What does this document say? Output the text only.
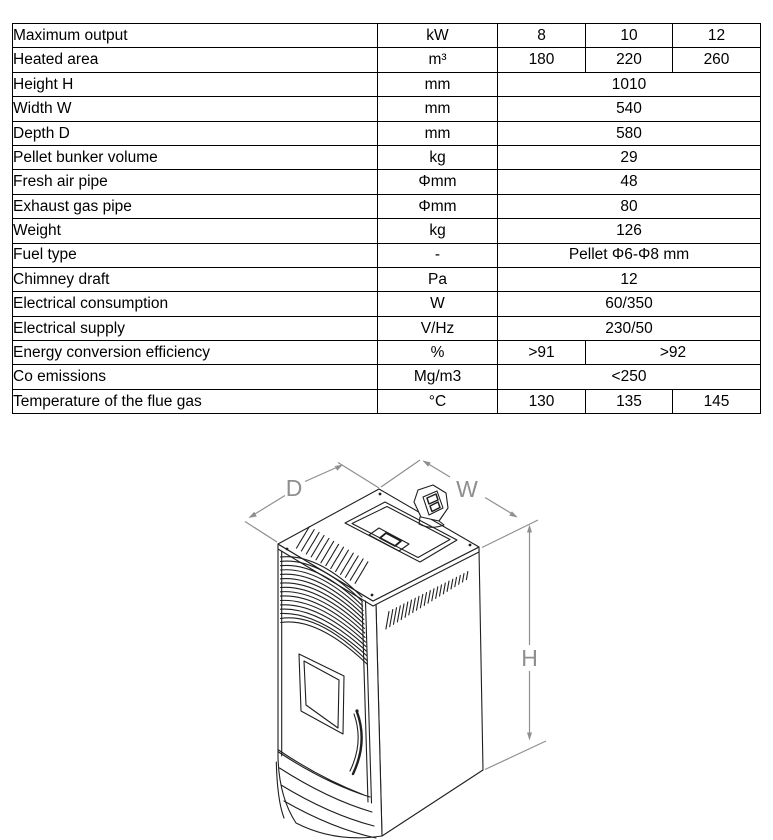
Maximum output	kW	8	10	12
Heated area	m³	180	220	260
Height H	mm	1010		
Width W	mm	540		
Depth D	mm	580		
Pellet bunker volume	kg	29		
Fresh air pipe	Φmm	48		
Exhaust gas pipe	Φmm	80		
Weight	kg	126		
Fuel type	-	Pellet Φ6-Φ8 mm		
Chimney draft	Pa	12		
Electrical consumption	W	60/350		
Electrical supply	V/Hz	230/50		
Energy conversion efficiency	%	>91	>92	
Co emissions	Mg/m3	<250		
Temperature of the flue gas	°C	130	135	145
D	W
H
